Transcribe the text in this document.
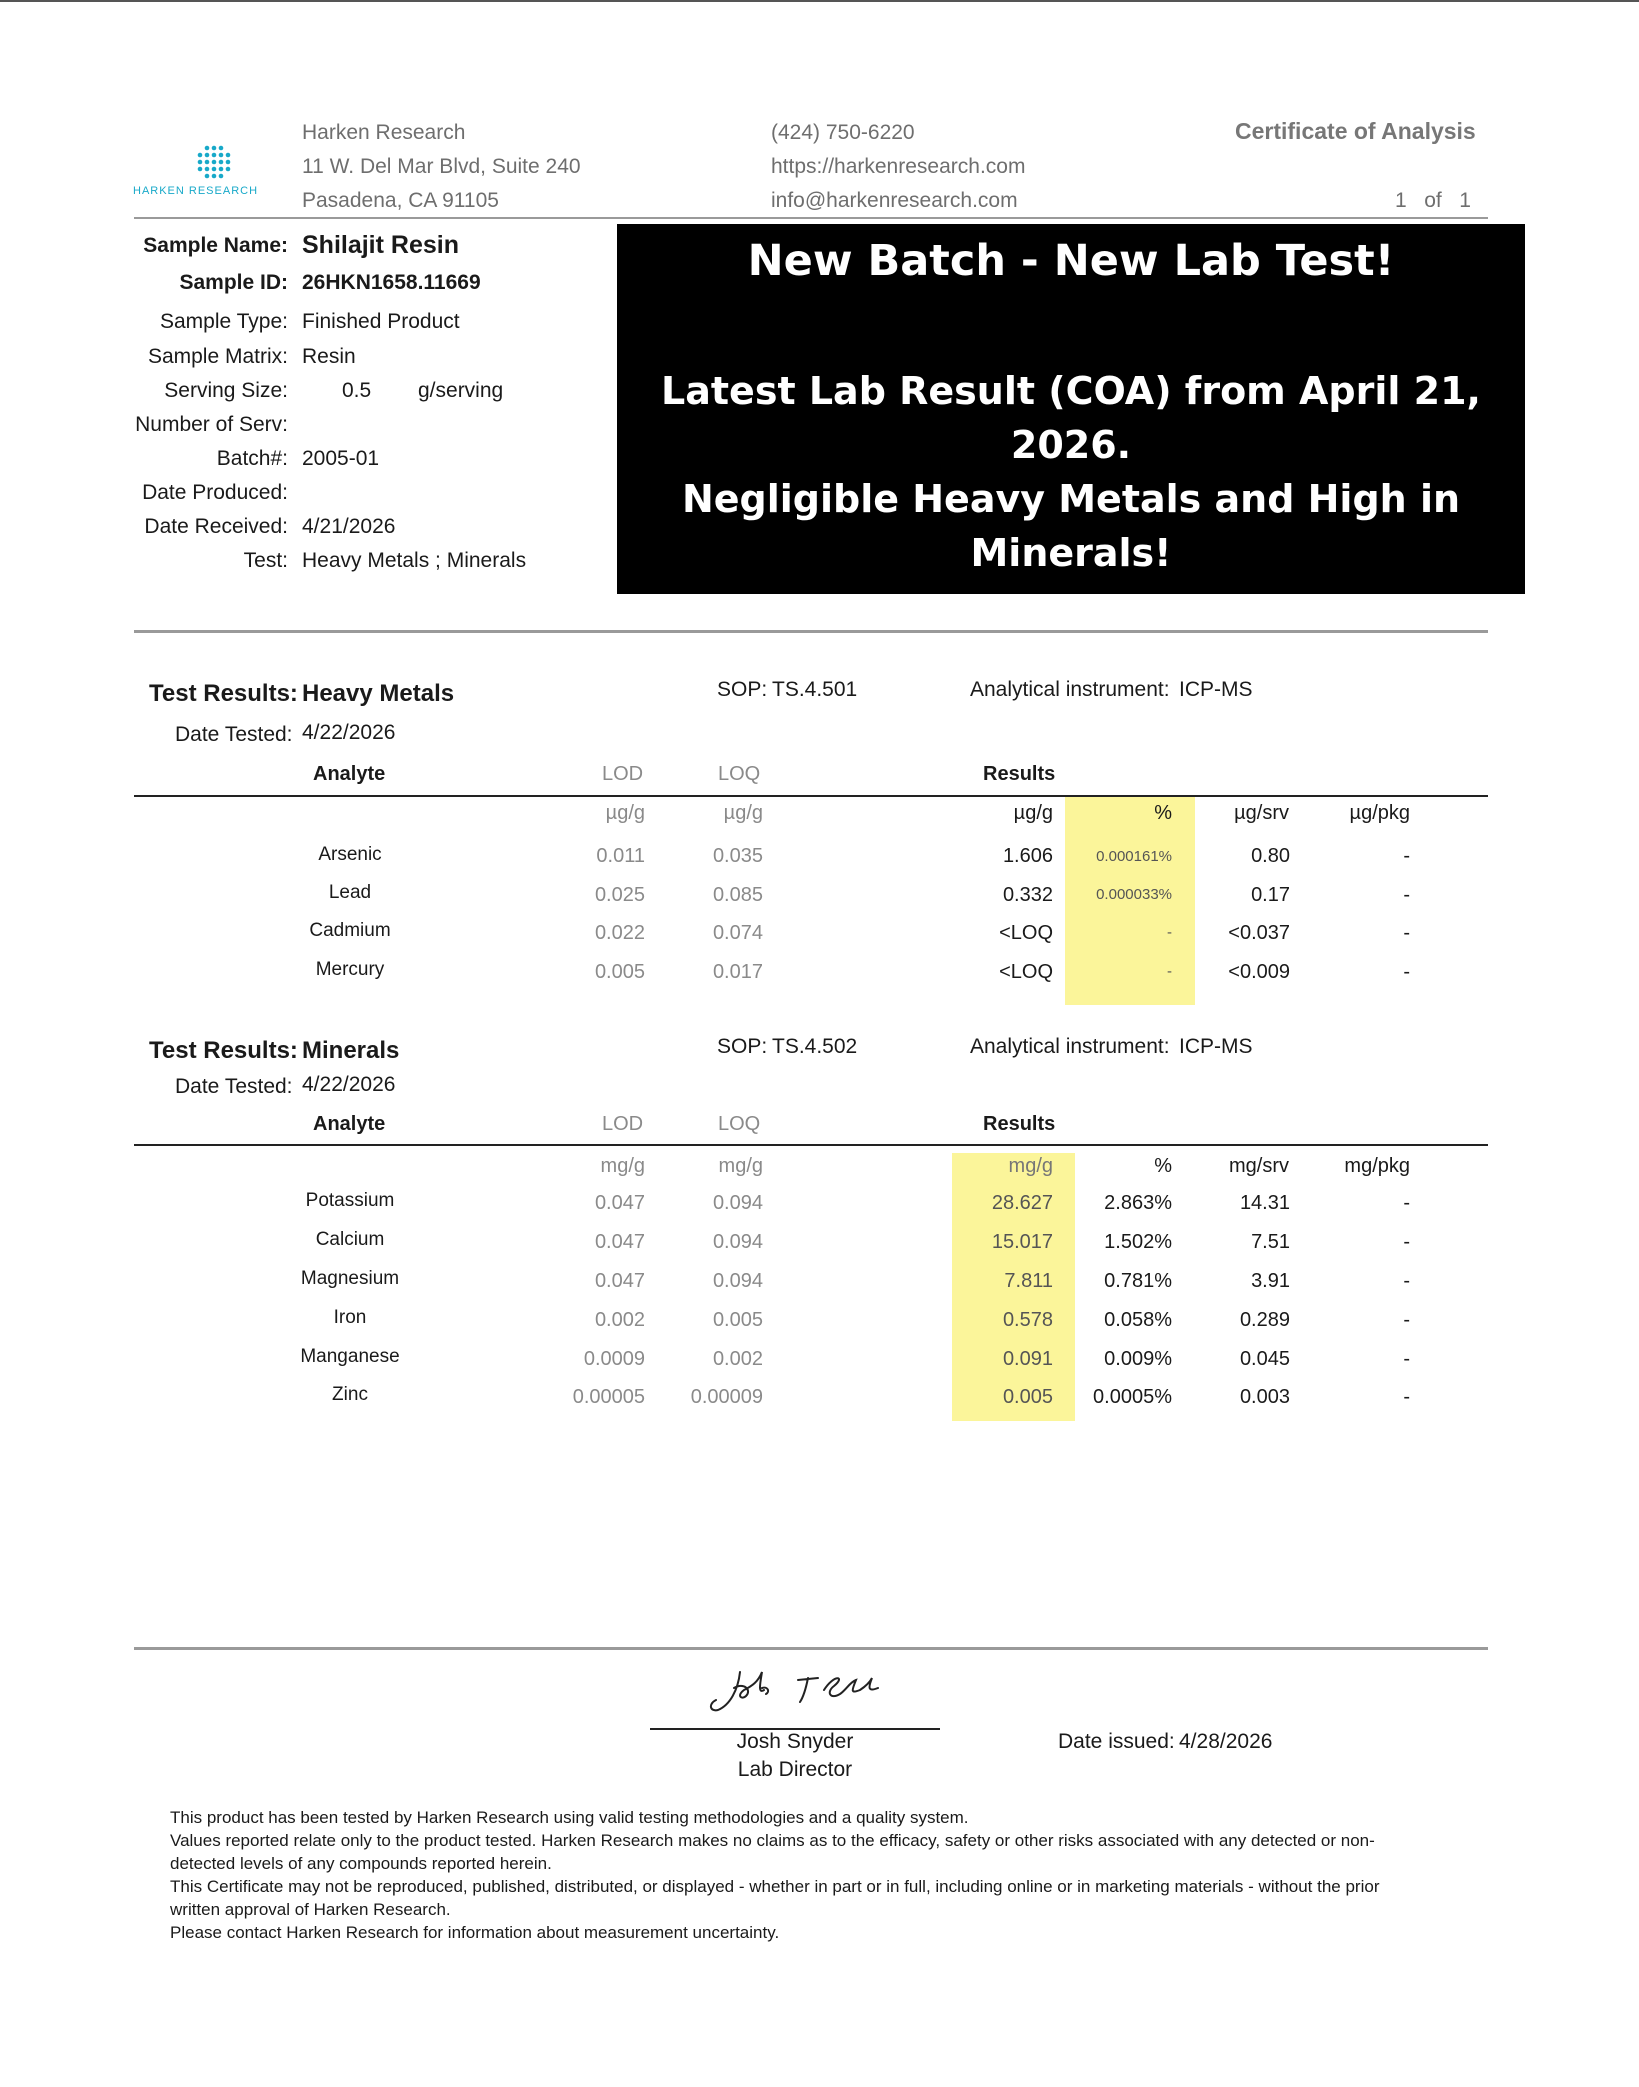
HARKEN RESEARCH
Harken Research
11 W. Del Mar Blvd, Suite 240
Pasadena, CA 91105
(424) 750-6220
https://harkenresearch.com
info@harkenresearch.com
Certificate of Analysis
1 of 1
Sample Name: Shilajit Resin
Sample ID: 26HKN1658.11669
Sample Type: Finished Product
Sample Matrix: Resin
Serving Size:	0.5 g/serving
Number of Serv:
Batch#: 2005-01
Date Produced:
Date Received: 4/21/2026
Test: Heavy Metals ; Minerals
New Batch - New Lab Test!
Latest Lab Result (COA) from April 21, 2026.
Negligible Heavy Metals and High in
Minerals!
Test Results: Heavy Metals	SOP: TS.4.501	Analytical instrument: ICP-MS
Date Tested: 4/22/2026
Analyte	LOD	LOQ	Results
µg/g	µg/g	µg/g	%	µg/srv	µg/pkg
Arsenic	0.011	0.035	1.606	0.000161%	0.80	-
Lead	0.025	0.085	0.332	0.000033%	0.17	-
Cadmium	0.022	0.074	<LOQ	-	<0.037	-
Mercury	0.005	0.017	<LOQ	-	<0.009	-
Test Results: Minerals	SOP: TS.4.502	Analytical instrument: ICP-MS
Date Tested: 4/22/2026
Analyte	LOD	LOQ	Results
mg/g	mg/g	mg/g	%	mg/srv	mg/pkg
Potassium	0.047	0.094	28.627	2.863%	14.31	-
Calcium	0.047	0.094	15.017	1.502%	7.51	-
Magnesium	0.047	0.094	7.811	0.781%	3.91	-
Iron	0.002	0.005	0.578	0.058%	0.289	-
Manganese	0.0009	0.002	0.091	0.009%	0.045	-
Zinc	0.00005	0.00009	0.005	0.0005%	0.003	-
Josh Snyder
Lab Director
Date issued: 4/28/2026
This product has been tested by Harken Research using valid testing methodologies and a quality system.
Values reported relate only to the product tested. Harken Research makes no claims as to the efficacy, safety or other risks associated with any detected or non-detected levels of any compounds reported herein.
This Certificate may not be reproduced, published, distributed, or displayed - whether in part or in full, including online or in marketing materials - without the prior written approval of Harken Research.
Please contact Harken Research for information about measurement uncertainty.
